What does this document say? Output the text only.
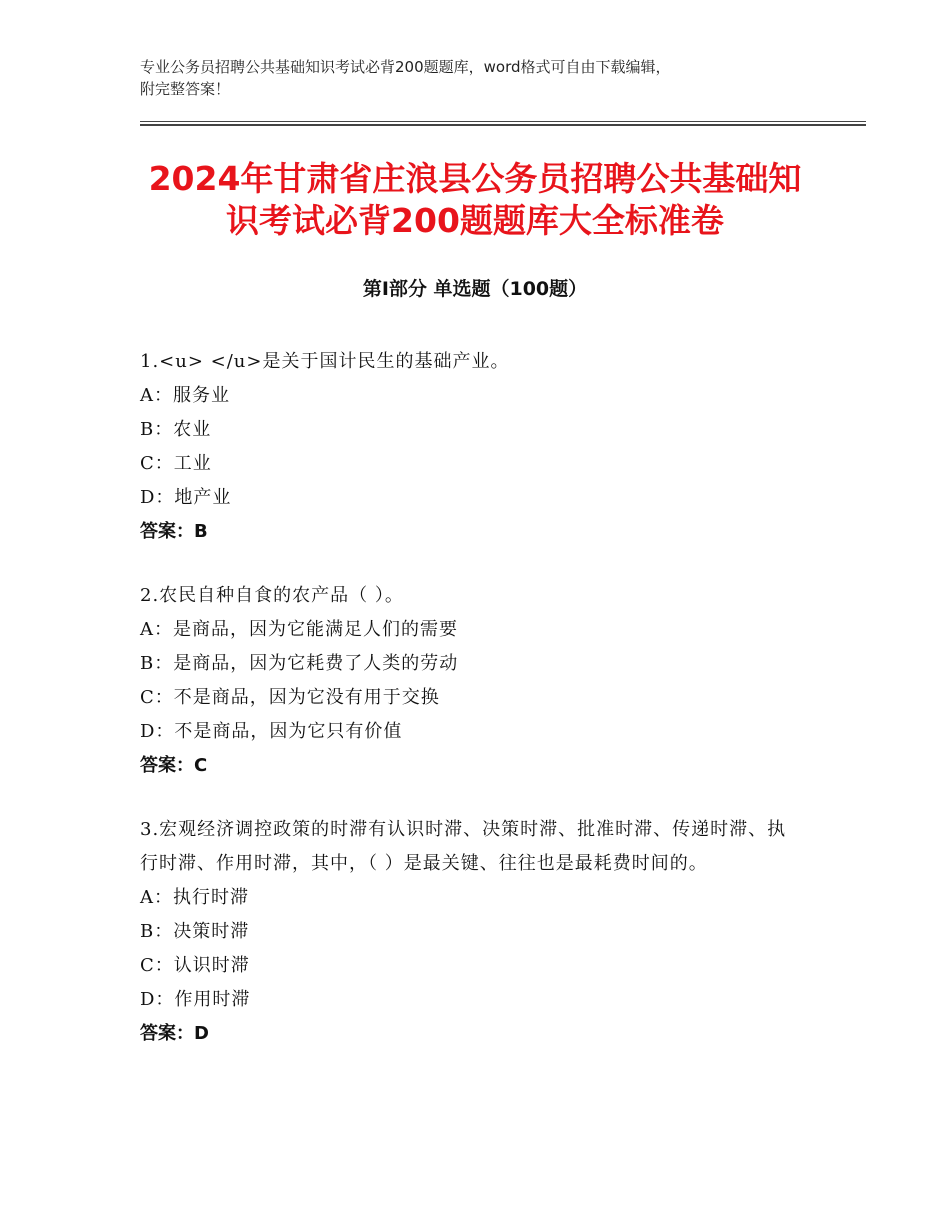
专业公务员招聘公共基础知识考试必背200题题库，word格式可自由下载编辑，
附完整答案！
2024年甘肃省庄浪县公务员招聘公共基础知
识考试必背200题题库大全标准卷
第Ⅰ部分 单选题（100题）
1.<u> </u>是关于国计民生的基础产业。
A：服务业
B：农业
C：工业
D：地产业
答案：B
2.农民自种自食的农产品（ ）。
A：是商品，因为它能满足人们的需要
B：是商品，因为它耗费了人类的劳动
C：不是商品，因为它没有用于交换
D：不是商品，因为它只有价值
答案：C
3.宏观经济调控政策的时滞有认识时滞、决策时滞、批准时滞、传递时滞、执行时滞、作用时滞，其中，（ ）是最关键、往往也是最耗费时间的。
A：执行时滞
B：决策时滞
C：认识时滞
D：作用时滞
答案：D
